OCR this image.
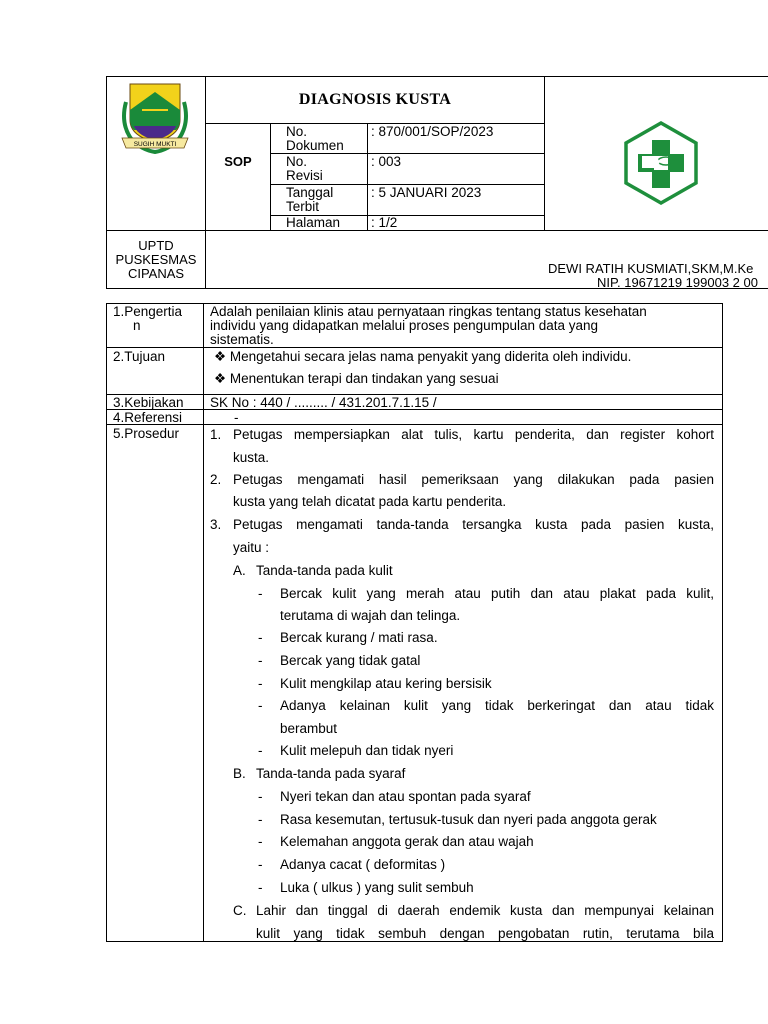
SUGIH MUKTI
DIAGNOSIS KUSTA
SOP
No.
Dokumen
: 870/001/SOP/2023
No.
Revisi
: 003
Tanggal
Terbit
: 5 JANUARI 2023
Halaman : 1/2
UPTD
PUSKESMAS
CIPANAS	DEWI RATIH KUSMIATI,SKM,M.Ke
NIP. 19671219 199003 2 00
1.Pengertia
n
Adalah penilaian klinis atau pernyataan ringkas tentang status kesehatan
individu yang didapatkan melalui proses pengumpulan data yang
sistematis.
2.Tujuan	❖ Mengetahui secara jelas nama penyakit yang diderita oleh individu.
❖ Menentukan terapi dan tindakan yang sesuai
3.Kebijakan SK No : 440 / ......... / 431.201.7.1.15 /
4.Referensi	-
5.Prosedur 1. Petugas mempersiapkan alat tulis, kartu penderita, dan register kohort
kusta.
2. Petugas mengamati hasil pemeriksaan yang dilakukan pada pasien
kusta yang telah dicatat pada kartu penderita.
3. Petugas mengamati tanda-tanda tersangka kusta pada pasien kusta,
yaitu :
A. Tanda-tanda pada kulit
- Bercak kulit yang merah atau putih dan atau plakat pada kulit,
terutama di wajah dan telinga.
- Bercak kurang / mati rasa.
- Bercak yang tidak gatal
- Kulit mengkilap atau kering bersisik
- Adanya kelainan kulit yang tidak berkeringat dan atau tidak
berambut
- Kulit melepuh dan tidak nyeri
B. Tanda-tanda pada syaraf
- Nyeri tekan dan atau spontan pada syaraf
- Rasa kesemutan, tertusuk-tusuk dan nyeri pada anggota gerak
- Kelemahan anggota gerak dan atau wajah
- Adanya cacat ( deformitas )
- Luka ( ulkus ) yang sulit sembuh
C. Lahir dan tinggal di daerah endemik kusta dan mempunyai kelainan
kulit yang tidak sembuh dengan pengobatan rutin, terutama bila
